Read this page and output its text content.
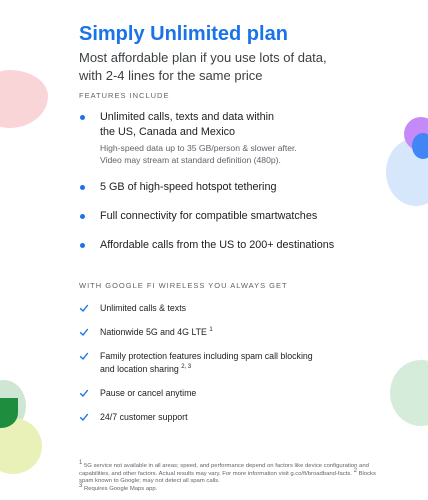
Simply Unlimited plan

Most affordable plan if you use lots of data,
with 2-4 lines for the same price

FEATURES INCLUDE

Unlimited calls, texts and data within
the US, Canada and Mexico
High-speed data up to 35 GB/person & slower after. Video may stream at standard definition (480p).
5 GB of high-speed hotspot tethering
Full connectivity for compatible smartwatches
Affordable calls from the US to 200+ destinations

WITH GOOGLE FI WIRELESS YOU ALWAYS GET

Unlimited calls & texts
Nationwide 5G and 4G LTE $^1$
Family protection features including spam call blocking
and location sharing $^{2, 3}$
Pause or cancel anytime
24/7 customer support

$^1$ 5G service not available in all areas; speed, and performance depend on factors like device configuration and capabilities, and other factors. Actual results may vary. For more information visit g.co/fi/broadband-facts. $^2$ Blocks spam known to Google; may not detect all spam calls.
$^3$ Requires Google Maps app.
